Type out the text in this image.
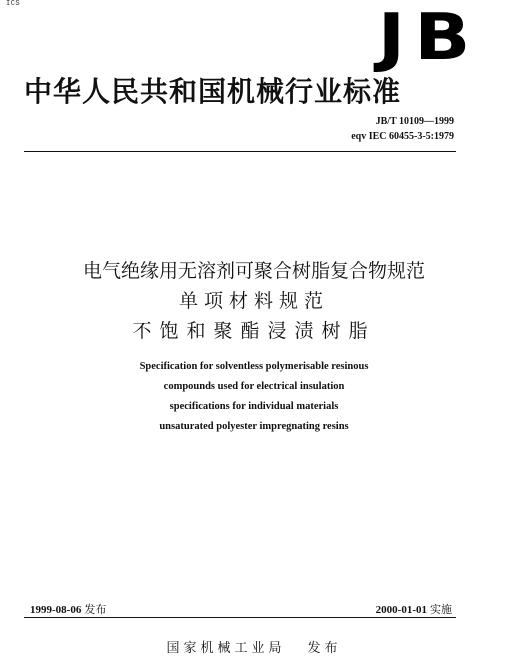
ICS	JB
中华人民共和国机械行业标准
JB/T 10109—1999
eqv IEC 60455-3-5:1979
电气绝缘用无溶剂可聚合树脂复合物规范
单项材料规范
不饱和聚酯浸渍树脂
Specification for solventless polymerisable resinous
compounds used for electrical insulation
specifications for individual materials
unsaturated polyester impregnating resins
1999-08-06 发布	2000-01-01 实施
国家机械工业局 发布
